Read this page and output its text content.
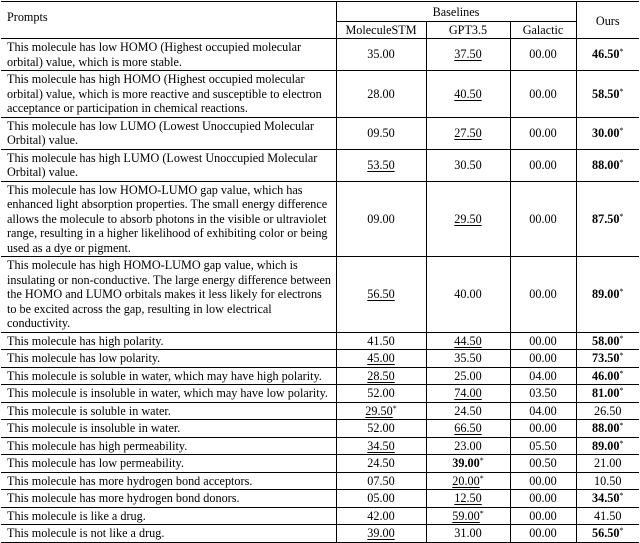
Prompts	Baselines			Ours
	MoleculeSTM	GPT3.5	Galactic	
This molecule has low HOMO (Highest occupied molecular orbital) value, which is more stable.	35.00	37.50	00.00	46.50*
This molecule has high HOMO (Highest occupied molecular orbital) value, which is more reactive and susceptible to electron acceptance or participation in chemical reactions.	28.00	40.50	00.00	58.50*
This molecule has low LUMO (Lowest Unoccupied Molecular Orbital) value.	09.50	27.50	00.00	30.00*
This molecule has high LUMO (Lowest Unoccupied Molecular Orbital) value.	53.50	30.50	00.00	88.00*
This molecule has low HOMO-LUMO gap value, which has enhanced light absorption properties. The small energy difference allows the molecule to absorb photons in the visible or ultraviolet range, resulting in a higher likelihood of exhibiting color or being used as a dye or pigment.	09.00	29.50	00.00	87.50*
This molecule has high HOMO-LUMO gap value, which is insulating or non-conductive. The large energy difference between the HOMO and LUMO orbitals makes it less likely for electrons to be excited across the gap, resulting in low electrical conductivity.	56.50	40.00	00.00	89.00*
This molecule has high polarity.	41.50	44.50	00.00	58.00*
This molecule has low polarity.	45.00	35.50	00.00	73.50*
This molecule is soluble in water, which may have high polarity.	28.50	25.00	04.00	46.00*
This molecule is insoluble in water, which may have low polarity.	52.00	74.00	03.50	81.00*
This molecule is soluble in water.	29.50*	24.50	04.00	26.50
This molecule is insoluble in water.	52.00	66.50	00.00	88.00*
This molecule has high permeability.	34.50	23.00	05.50	89.00*
This molecule has low permeability.	24.50	39.00*	00.50	21.00
This molecule has more hydrogen bond acceptors.	07.50	20.00*	00.00	10.50
This molecule has more hydrogen bond donors.	05.00	12.50	00.00	34.50*
This molecule is like a drug.	42.00	59.00*	00.00	41.50
This molecule is not like a drug.	39.00	31.00	00.00	56.50*
